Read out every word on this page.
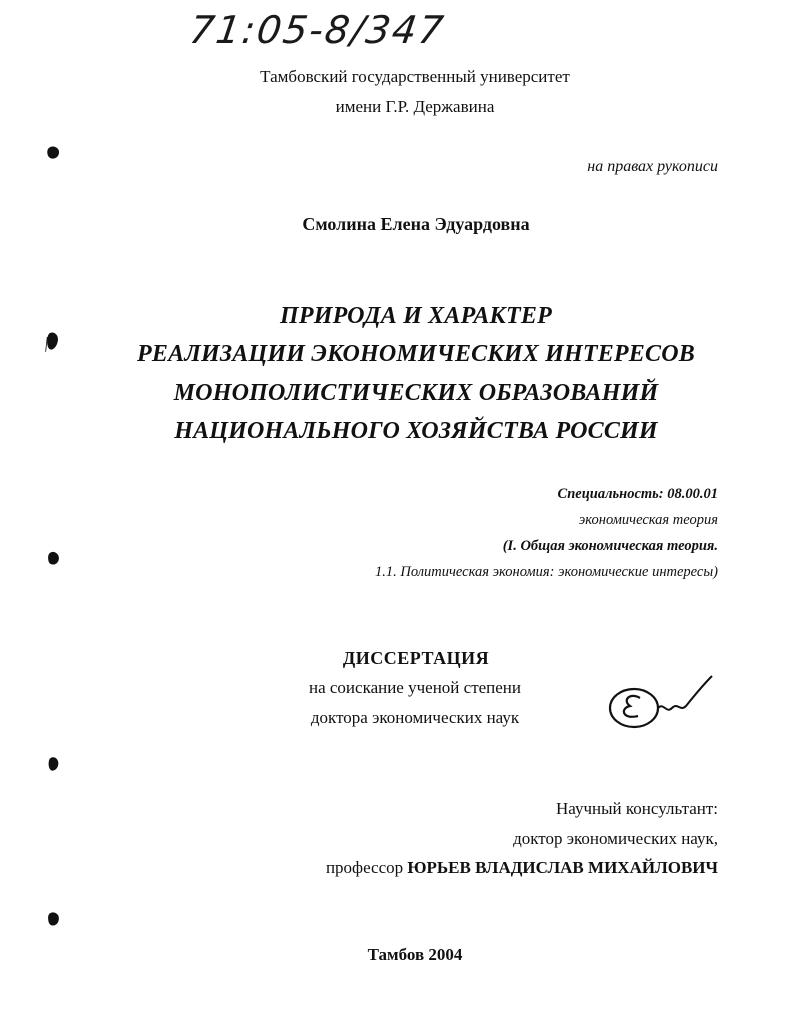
71:05-8/347
Тамбовский государственный университет
имени Г.Р. Державина
на правах рукописи
Смолина Елена Эдуардовна
ПРИРОДА И ХАРАКТЕР
РЕАЛИЗАЦИИ ЭКОНОМИЧЕСКИХ ИНТЕРЕСОВ
МОНОПОЛИСТИЧЕСКИХ ОБРАЗОВАНИЙ
НАЦИОНАЛЬНОГО ХОЗЯЙСТВА РОССИИ
Специальность: 08.00.01
экономическая теория
(I. Общая экономическая теория.
1.1. Политическая экономия: экономические интересы)
ДИССЕРТАЦИЯ
на соискание ученой степени
доктора экономических наук
Научный консультант:
доктор экономических наук,
профессор ЮРЬЕВ ВЛАДИСЛАВ МИХАЙЛОВИЧ
Тамбов 2004
